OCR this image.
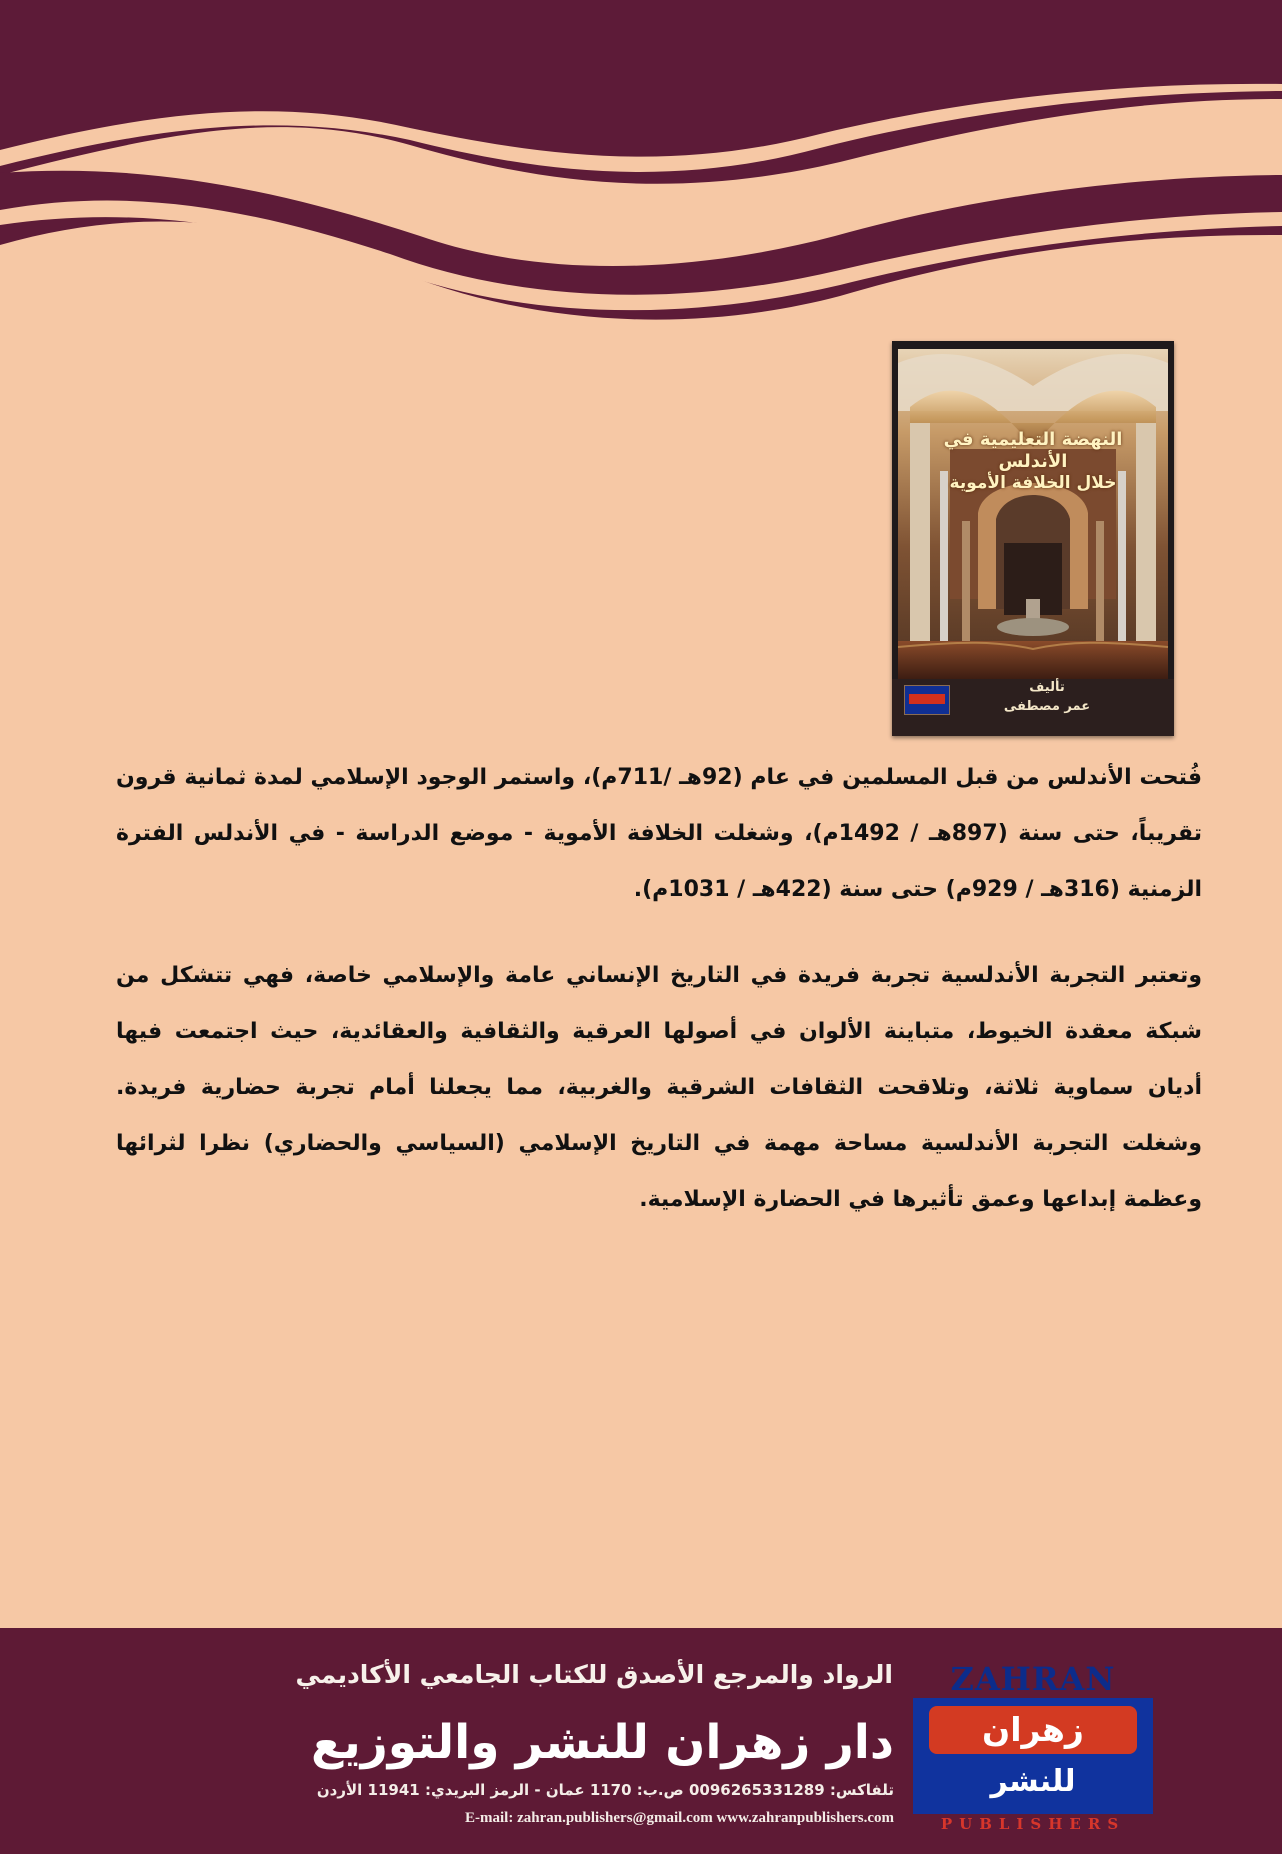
النهضة التعليمية في الأندلس
خلال الخلافة الأموية
تأليف
عمر مصطفى

فُتحت الأندلس من قبل المسلمين في عام (92هـ /711م)، واستمر الوجود الإسلامي لمدة ثمانية قرون تقريباً، حتى سنة (897هـ / 1492م)، وشغلت الخلافة الأموية - موضع الدراسة - في الأندلس الفترة الزمنية (316هـ / 929م) حتى سنة (422هـ / 1031م).

وتعتبر التجربة الأندلسية تجربة فريدة في التاريخ الإنساني عامة والإسلامي خاصة، فهي تتشكل من شبكة معقدة الخيوط، متباينة الألوان في أصولها العرقية والثقافية والعقائدية، حيث اجتمعت فيها أديان سماوية ثلاثة، وتلاقحت الثقافات الشرقية والغربية، مما يجعلنا أمام تجربة حضارية فريدة. وشغلت التجربة الأندلسية مساحة مهمة في التاريخ الإسلامي (السياسي والحضاري) نظرا لثرائها وعظمة إبداعها وعمق تأثيرها في الحضارة الإسلامية.

ZAHRAN
زهران
للنشر
PUBLISHERS
الرواد والمرجع الأصدق للكتاب الجامعي الأكاديمي
دار زهران للنشر والتوزيع
تلفاكس: 0096265331289 ص.ب: 1170 عمان - الرمز البريدي: 11941 الأردن
E-mail: zahran.publishers@gmail.com www.zahranpublishers.com
